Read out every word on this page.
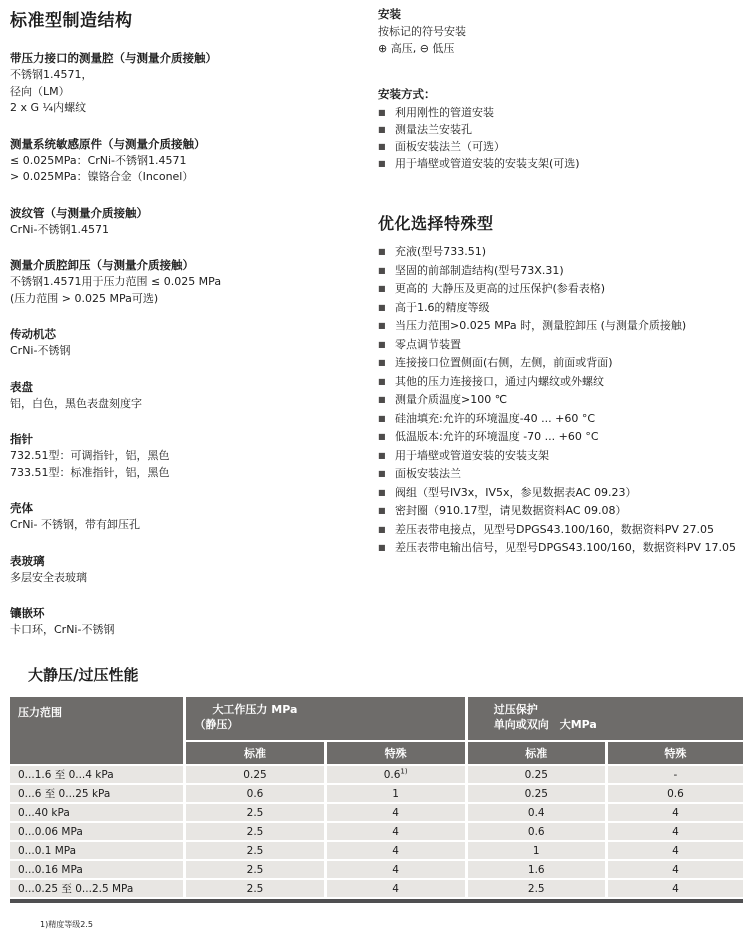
标准型制造结构
带压力接口的测量腔（与测量介质接触）
不锈钢1.4571，
径向（LM）
2 x G ¼内螺纹
测量系统敏感原件（与测量介质接触）
≤ 0.025MPa：CrNi-不锈钢1.4571
> 0.025MPa：镍铬合金（Inconel）
波纹管（与测量介质接触）
CrNi-不锈钢1.4571
测量介质腔卸压（与测量介质接触）
不锈钢1.4571用于压力范围 ≤ 0.025 MPa
(压力范围 > 0.025 MPa可选)
传动机芯
CrNi-不锈钢
表盘
铝，白色，黑色表盘刻度字
指针
732.51型：可调指针，铝，黑色
733.51型：标准指针，铝，黑色
壳体
CrNi- 不锈钢，带有卸压孔
表玻璃
多层安全表玻璃
镶嵌环
卡口环，CrNi-不锈钢
安装
按标记的符号安装
⊕ 高压, ⊖ 低压
安装方式：
■ 利用刚性的管道安装
■ 测量法兰安装孔
■ 面板安装法兰（可选）
■ 用于墙壁或管道安装的安装支架(可选)
优化选择特殊型
■ 充液(型号733.51)
■ 坚固的前部制造结构(型号73X.31)
■ 更高的 大静压及更高的过压保护(参看表格)
■ 高于1.6的精度等级
■ 当压力范围>0.025 MPa 时，测量腔卸压 (与测量介质接触)
■ 零点调节装置
■ 连接接口位置侧面(右侧，左侧，前面或背面)
■ 其他的压力连接接口，通过内螺纹或外螺纹
■ 测量介质温度>100 ℃
■ 硅油填充:允许的环境温度-40 ... +60 °C
■ 低温版本:允许的环境温度 -70 ... +60 °C
■ 用于墙壁或管道安装的安装支架
■ 面板安装法兰
■ 阀组（型号IV3x，IV5x，参见数据表AC 09.23）
■ 密封圈（910.17型，请见数据资料AC 09.08）
■ 差压表带电接点，见型号DPGS43.100/160，数据资料PV 27.05
■ 差压表带电输出信号，见型号DPGS43.100/160，数据资料PV 17.05
大静压/过压性能
压力范围	大工作压力 MPa
（静压）

过压保护
单向或双向　大MPa

	标准	特殊	标准	特殊
0...1.6 至 0...4 kPa	0.25	0.6$^{1)}$	0.25	-
0...6 至 0...25 kPa	0.6	1	0.25	0.6
0...40 kPa	2.5	4	0.4	4
0...0.06 MPa	2.5	4	0.6	4
0...0.1 MPa	2.5	4	1	4
0...0.16 MPa	2.5	4	1.6	4
0...0.25 至 0...2.5 MPa	2.5	4	2.5	4
1)精度等级2.5
